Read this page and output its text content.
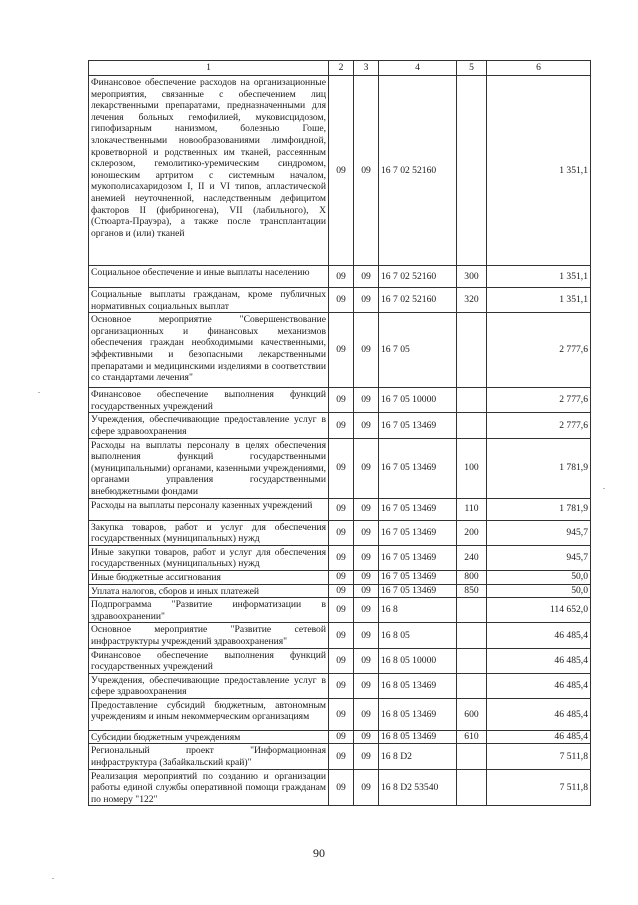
1	2	3	4	5	6
Финансовое обеспечение расходов на организационные мероприятия, связанные с обеспечением лиц лекарственными препаратами, предназначенными для лечения больных гемофилией, муковисцидозом, гипофизарным нанизмом, болезнью Гоше, злокачественными новообразованиями лимфоидной, кроветворной и родственных им тканей, рассеянным склерозом, гемолитико-уремическим синдромом, юношеским артритом с системным началом, мукополисахаридозом I, II и VI типов, апластической анемией неуточненной, наследственным дефицитом факторов II (фибриногена), VII (лабильного), X (Стюарта-Прауэра), а также после трансплантации органов и (или) тканей	09	09	16 7 02 52160		1 351,1
Социальное обеспечение и иные выплаты населению	09	09	16 7 02 52160	300	1 351,1
Социальные выплаты гражданам, кроме публичных нормативных социальных выплат	09	09	16 7 02 52160	320	1 351,1
Основное мероприятие "Совершенствование организационных и финансовых механизмов обеспечения граждан необходимыми качественными, эффективными и безопасными лекарственными препаратами и медицинскими изделиями в соответствии со стандартами лечения"	09	09	16 7 05		2 777,6
Финансовое обеспечение выполнения функций государственных учреждений	09	09	16 7 05 10000		2 777,6
Учреждения, обеспечивающие предоставление услуг в сфере здравоохранения	09	09	16 7 05 13469		2 777,6
Расходы на выплаты персоналу в целях обеспечения выполнения функций государственными (муниципальными) органами, казенными учреждениями, органами управления государственными внебюджетными фондами	09	09	16 7 05 13469	100	1 781,9
Расходы на выплаты персоналу казенных учреждений	09	09	16 7 05 13469	110	1 781,9
Закупка товаров, работ и услуг для обеспечения государственных (муниципальных) нужд	09	09	16 7 05 13469	200	945,7
Иные закупки товаров, работ и услуг для обеспечения государственных (муниципальных) нужд	09	09	16 7 05 13469	240	945,7
Иные бюджетные ассигнования	09	09	16 7 05 13469	800	50,0
Уплата налогов, сборов и иных платежей	09	09	16 7 05 13469	850	50,0
Подпрограмма "Развитие информатизации в здравоохранении"	09	09	16 8		114 652,0
Основное мероприятие "Развитие сетевой инфраструктуры учреждений здравоохранения"	09	09	16 8 05		46 485,4
Финансовое обеспечение выполнения функций государственных учреждений	09	09	16 8 05 10000		46 485,4
Учреждения, обеспечивающие предоставление услуг в сфере здравоохранения	09	09	16 8 05 13469		46 485,4
Предоставление субсидий бюджетным, автономным учреждениям и иным некоммерческим организациям	09	09	16 8 05 13469	600	46 485,4
Субсидии бюджетным учреждениям	09	09	16 8 05 13469	610	46 485,4
Региональный проект "Информационная инфраструктура (Забайкальский край)"	09	09	16 8 D2		7 511,8
Реализация мероприятий по созданию и организации работы единой службы оперативной помощи гражданам по номеру "122"	09	09	16 8 D2 53540		7 511,8
90
